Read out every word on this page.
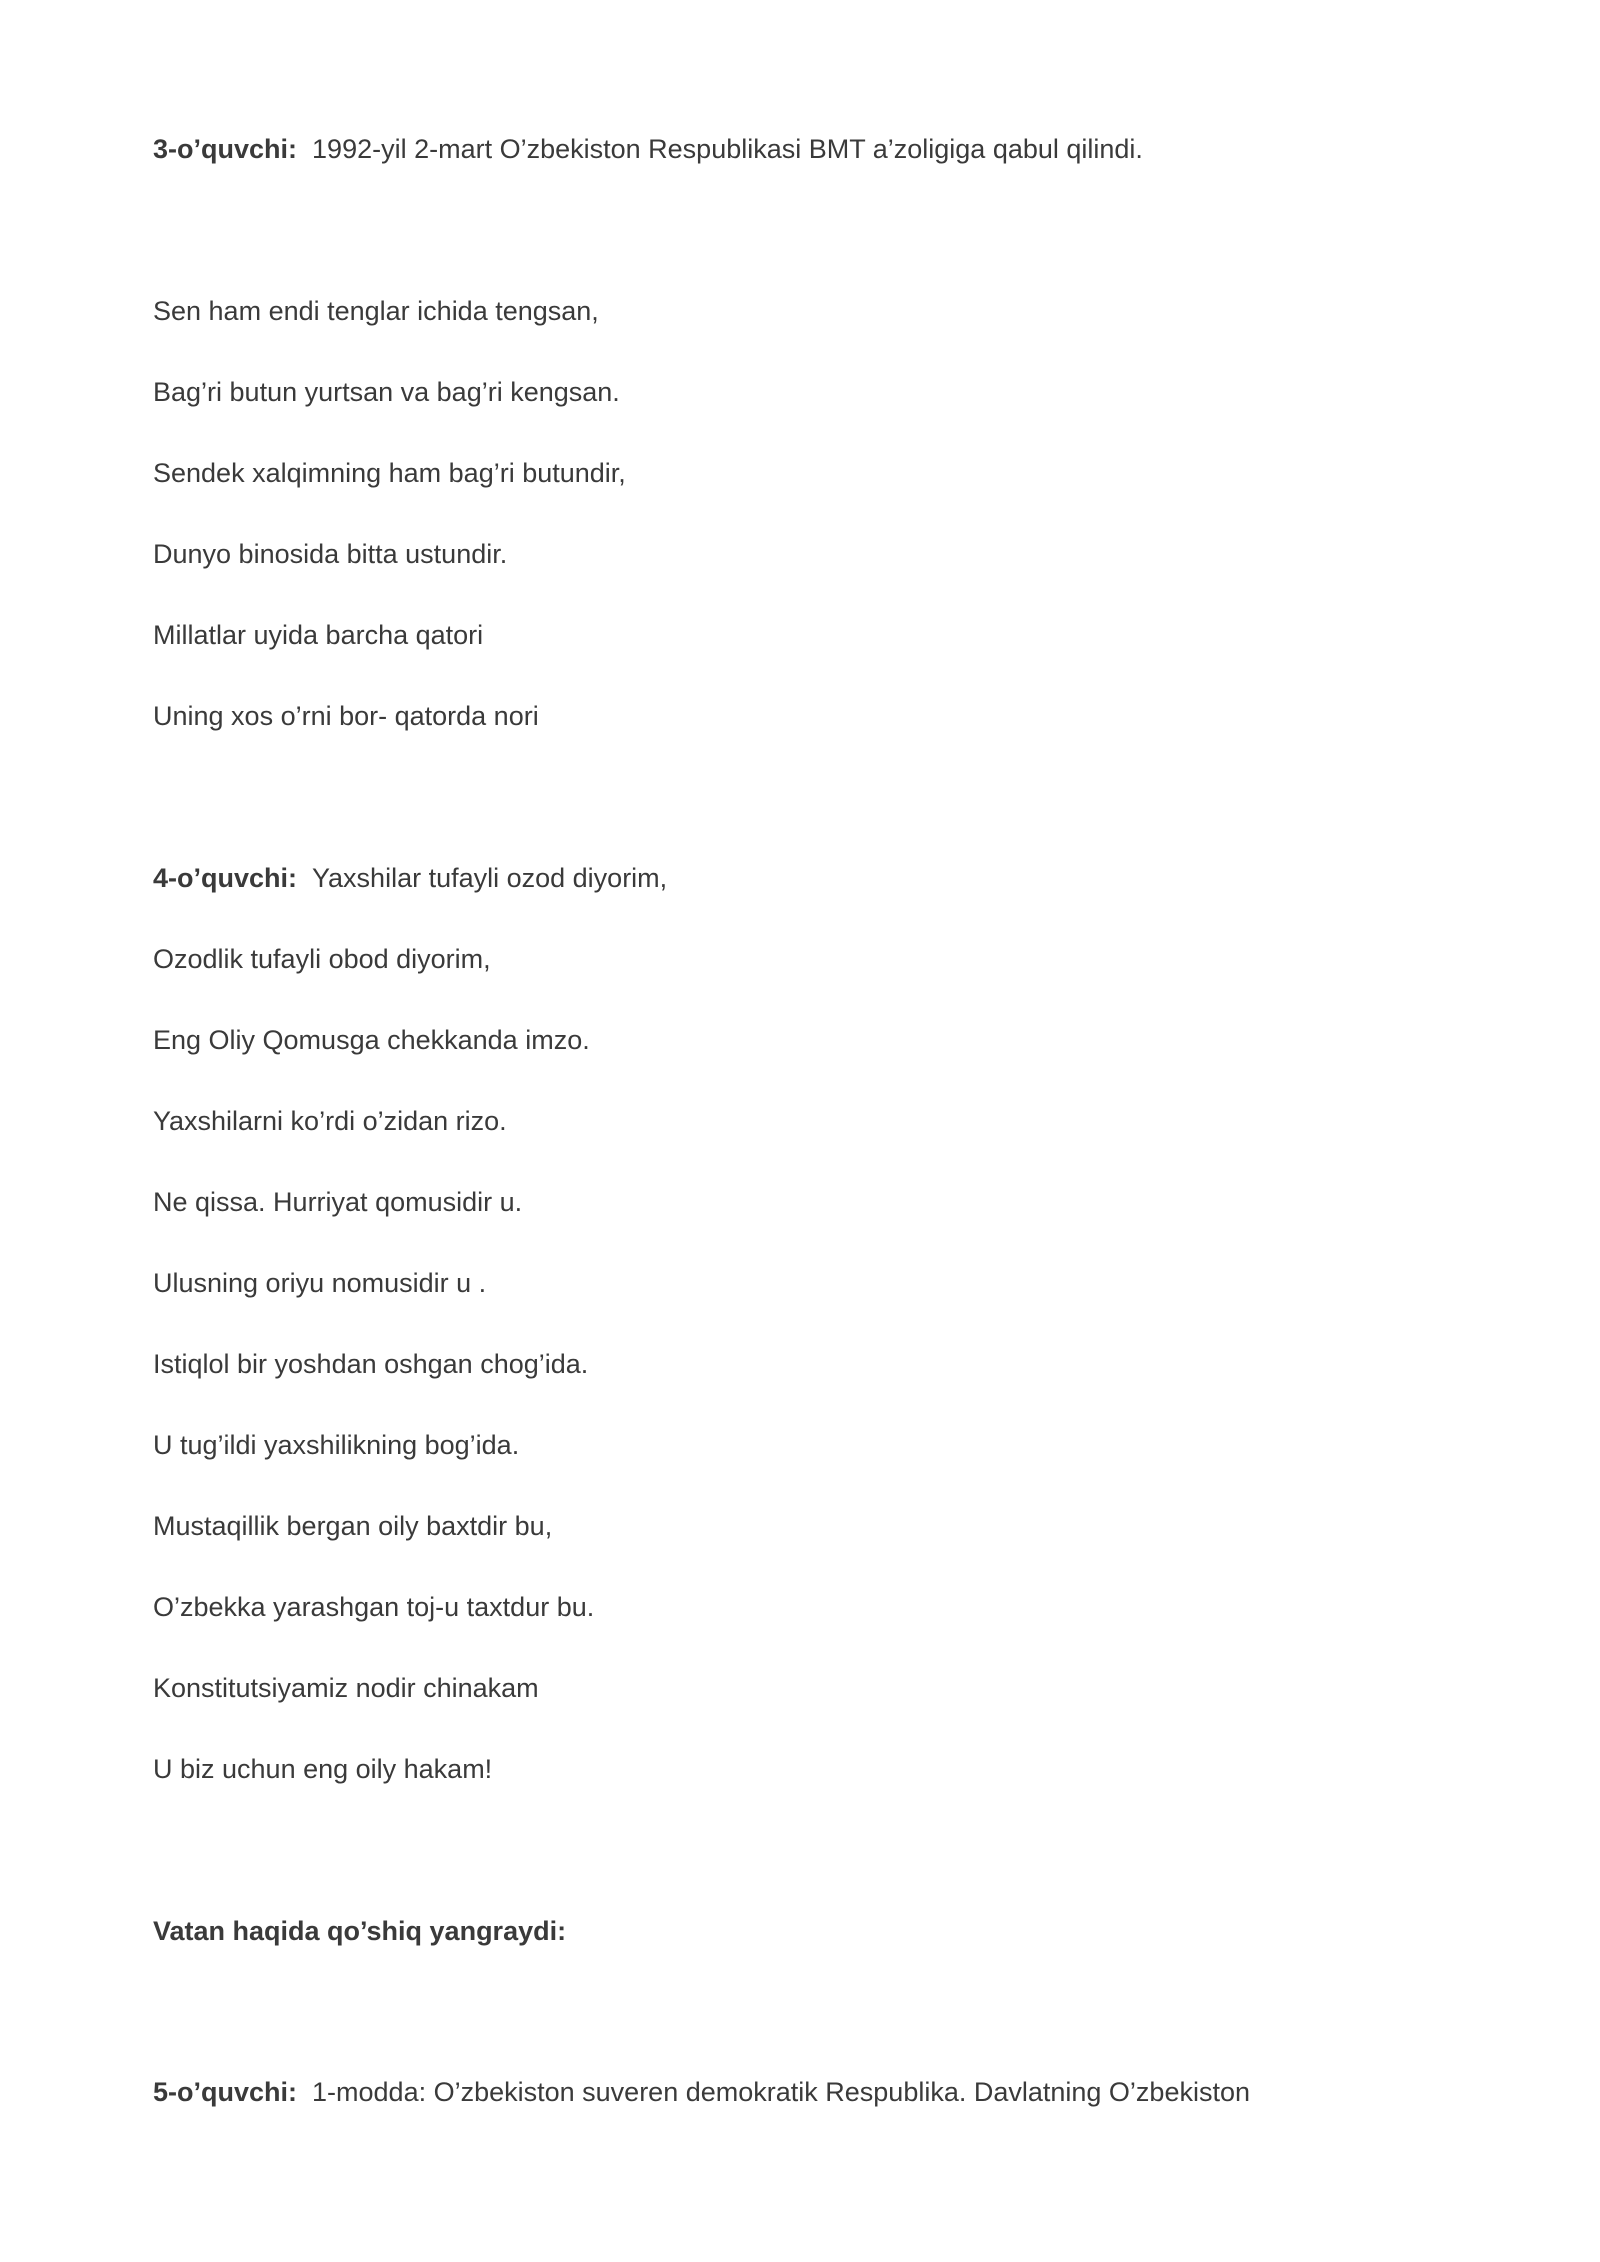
3-o’quvchi: 1992-yil 2-mart O’zbekiston Respublikasi BMT a’zoligiga qabul qilindi.
Sen ham endi tenglar ichida tengsan,
Bag’ri butun yurtsan va bag’ri kengsan.
Sendek xalqimning ham bag’ri butundir,
Dunyo binosida bitta ustundir.
Millatlar uyida barcha qatori
Uning xos o’rni bor- qatorda nori
4-o’quvchi: Yaxshilar tufayli ozod diyorim,
Ozodlik tufayli obod diyorim,
Eng Oliy Qomusga chekkanda imzo.
Yaxshilarni ko’rdi o’zidan rizo.
Ne qissa. Hurriyat qomusidir u.
Ulusning oriyu nomusidir u .
Istiqlol bir yoshdan oshgan chog’ida.
U tug’ildi yaxshilikning bog’ida.
Mustaqillik bergan oily baxtdir bu,
O’zbekka yarashgan toj-u taxtdur bu.
Konstitutsiyamiz nodir chinakam
U biz uchun eng oily hakam!
Vatan haqida qo’shiq yangraydi:
5-o’quvchi: 1-modda: O’zbekiston suveren demokratik Respublika. Davlatning O’zbekiston
